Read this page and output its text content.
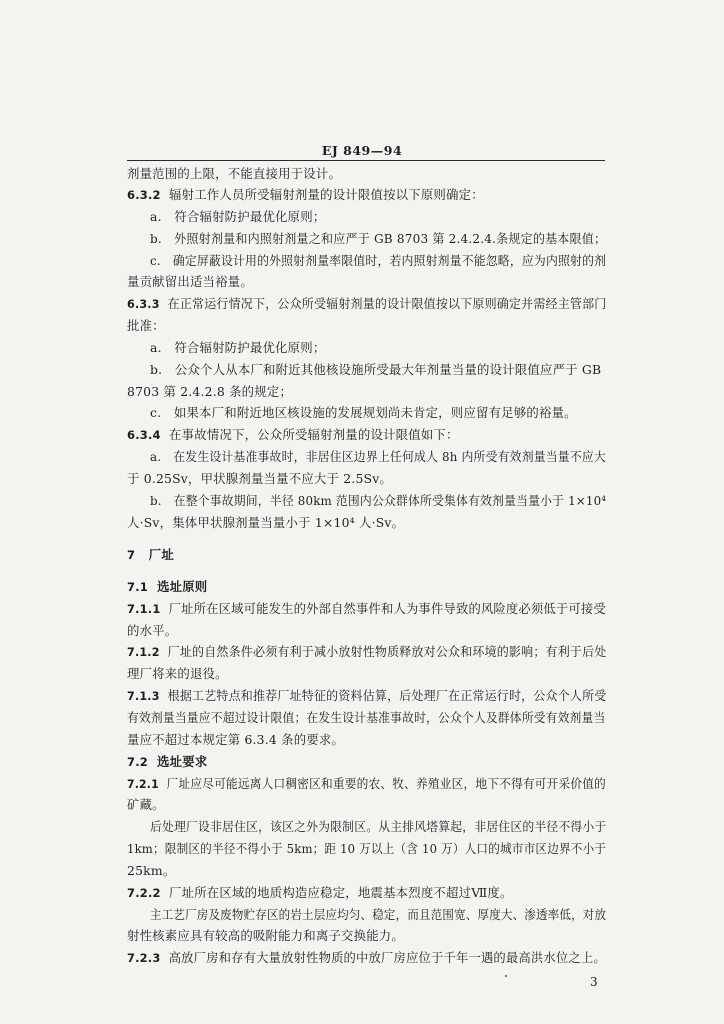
EJ 849—94
剂量范围的上限，不能直接用于设计。
6.3.2 辐射工作人员所受辐射剂量的设计限值按以下原则确定：
a.　符合辐射防护最优化原则；
b.　外照射剂量和内照射剂量之和应严于 GB 8703 第 2.4.2.4.条规定的基本限值；
c.　确定屏蔽设计用的外照射剂量率限值时，若内照射剂量不能忽略，应为内照射的剂
量贡献留出适当裕量。
6.3.3 在正常运行情况下，公众所受辐射剂量的设计限值按以下原则确定并需经主管部门
批准：
a.　符合辐射防护最优化原则；
b.　公众个人从本厂和附近其他核设施所受最大年剂量当量的设计限值应严于 GB
8703 第 2.4.2.8 条的规定；
c.　如果本厂和附近地区核设施的发展规划尚未肯定，则应留有足够的裕量。
6.3.4 在事故情况下，公众所受辐射剂量的设计限值如下：
a.　在发生设计基准事故时，非居住区边界上任何成人 8h 内所受有效剂量当量不应大
于 0.25Sv，甲状腺剂量当量不应大于 2.5Sv。
b.　在整个事故期间，半径 80km 范围内公众群体所受集体有效剂量当量小于 1×10⁴
人·Sv，集体甲状腺剂量当量小于 1×10⁴ 人·Sv。
7 厂址
7.1 选址原则
7.1.1 厂址所在区域可能发生的外部自然事件和人为事件导致的风险度必须低于可接受
的水平。
7.1.2 厂址的自然条件必须有利于减小放射性物质释放对公众和环境的影响；有利于后处
理厂将来的退役。
7.1.3 根据工艺特点和推荐厂址特征的资料估算，后处理厂在正常运行时，公众个人所受
有效剂量当量应不超过设计限值；在发生设计基准事故时，公众个人及群体所受有效剂量当
量应不超过本规定第 6.3.4 条的要求。
7.2 选址要求
7.2.1 厂址应尽可能远离人口稠密区和重要的农、牧、养殖业区，地下不得有可开采价值的
矿藏。
后处理厂设非居住区，该区之外为限制区。从主排风塔算起，非居住区的半径不得小于
1km；限制区的半径不得小于 5km；距 10 万以上（含 10 万）人口的城市市区边界不小于
25km。
7.2.2 厂址所在区域的地质构造应稳定，地震基本烈度不超过Ⅶ度。
主工艺厂房及废物贮存区的岩土层应均匀、稳定，而且范围宽、厚度大、渗透率低，对放
射性核素应具有较高的吸附能力和离子交换能力。
7.2.3 高放厂房和存有大量放射性物质的中放厂房应位于千年一遇的最高洪水位之上。
3
